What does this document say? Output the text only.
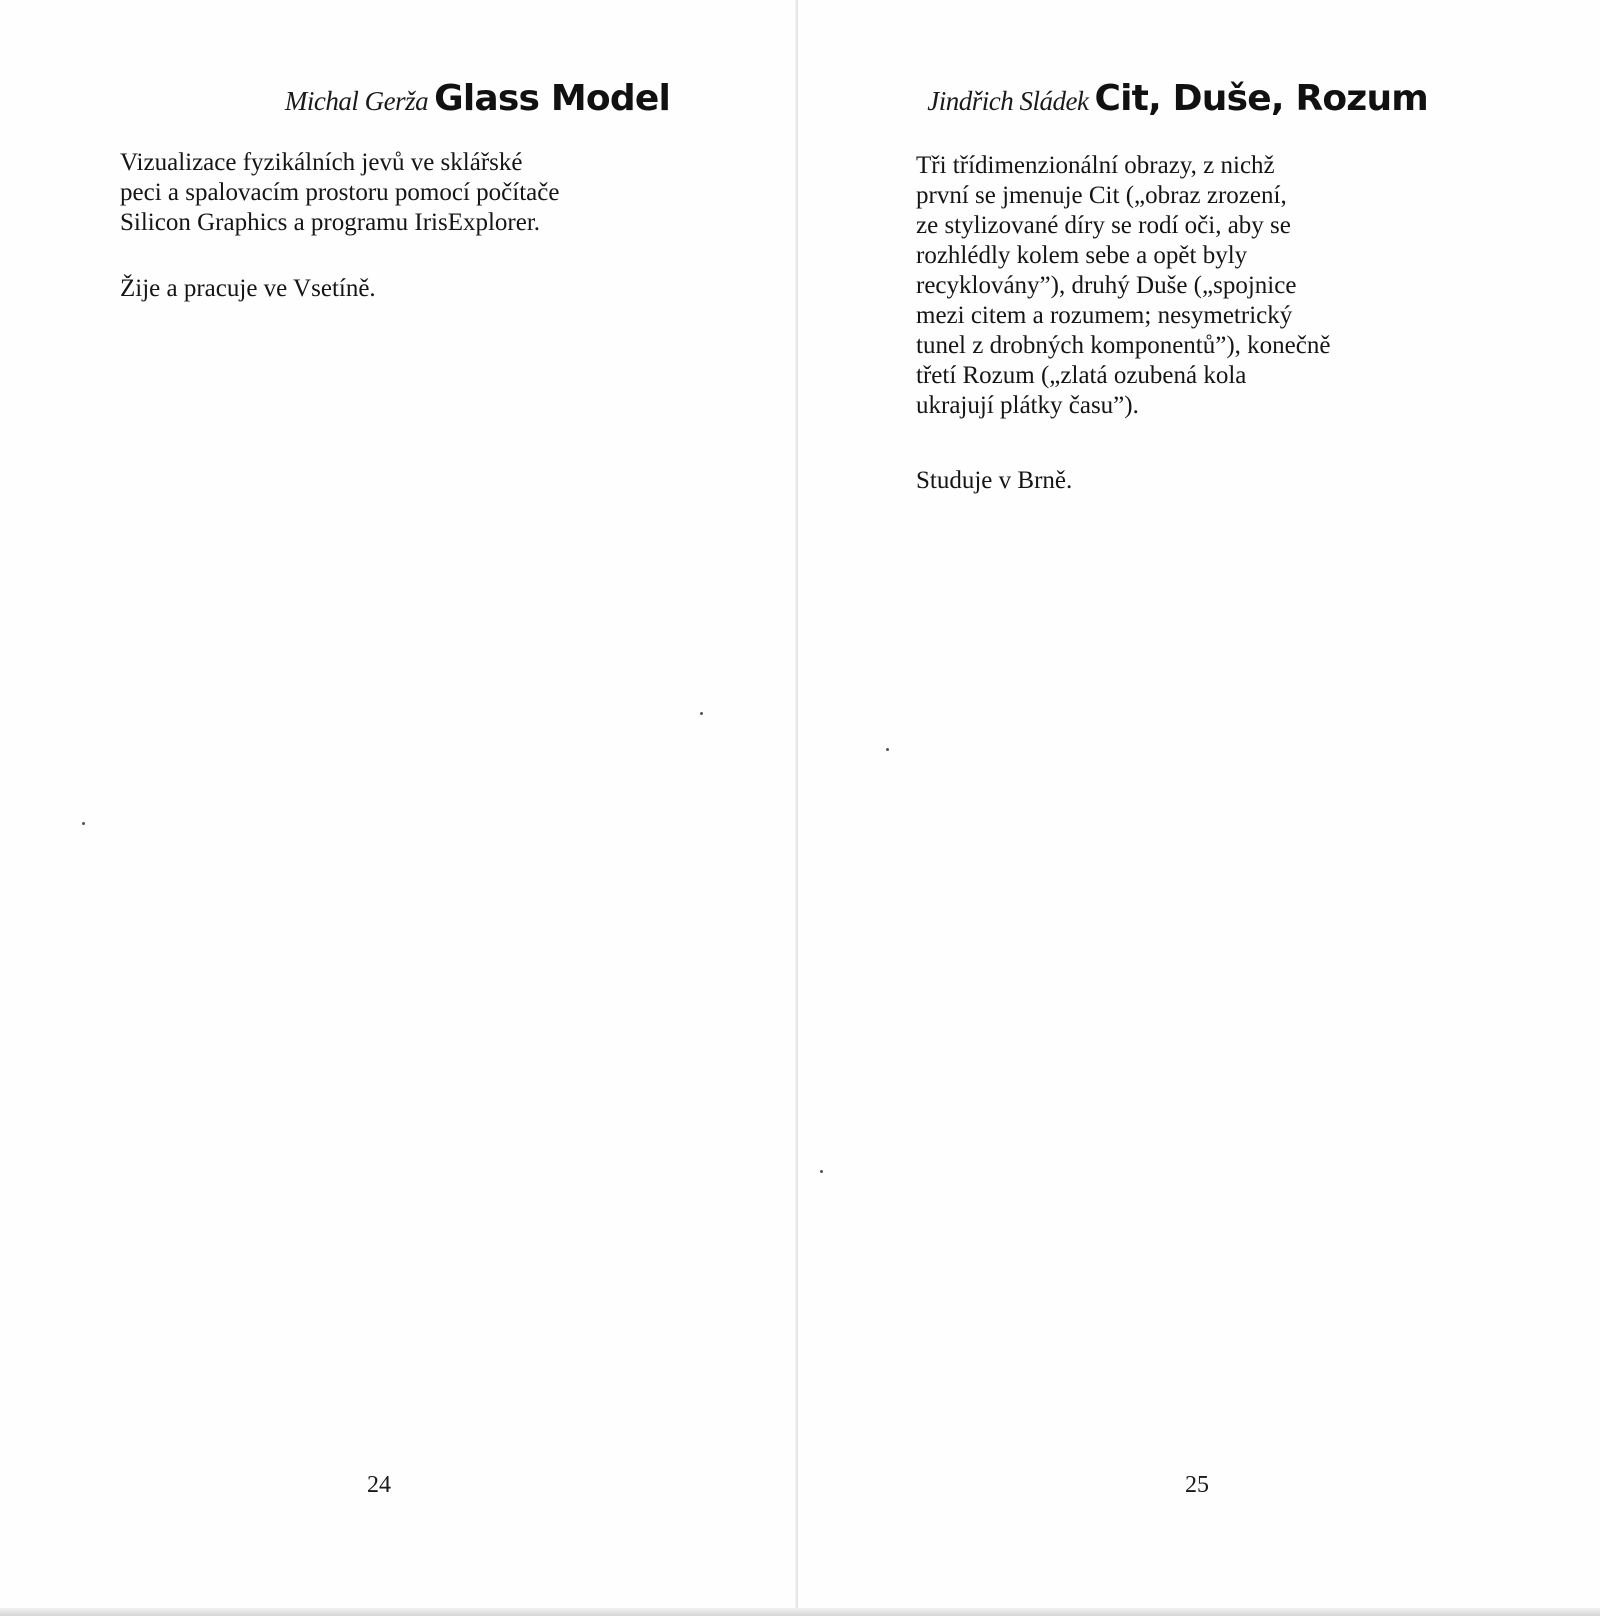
Michal Gerža Glass Model
Vizualizace fyzikálních jevů ve sklářské
peci a spalovacím prostoru pomocí počítače
Silicon Graphics a programu IrisExplorer.
Žije a pracuje ve Vsetíně.
24
Jindřich Sládek Cit, Duše, Rozum
Tři třídimenzionální obrazy, z nichž
první se jmenuje Cit („obraz zrození,
ze stylizované díry se rodí oči, aby se
rozhlédly kolem sebe a opět byly
recyklovány”), druhý Duše („spojnice
mezi citem a rozumem; nesymetrický
tunel z drobných komponentů”), konečně
třetí Rozum („zlatá ozubená kola
ukrajují plátky času”).
Studuje v Brně.
25
